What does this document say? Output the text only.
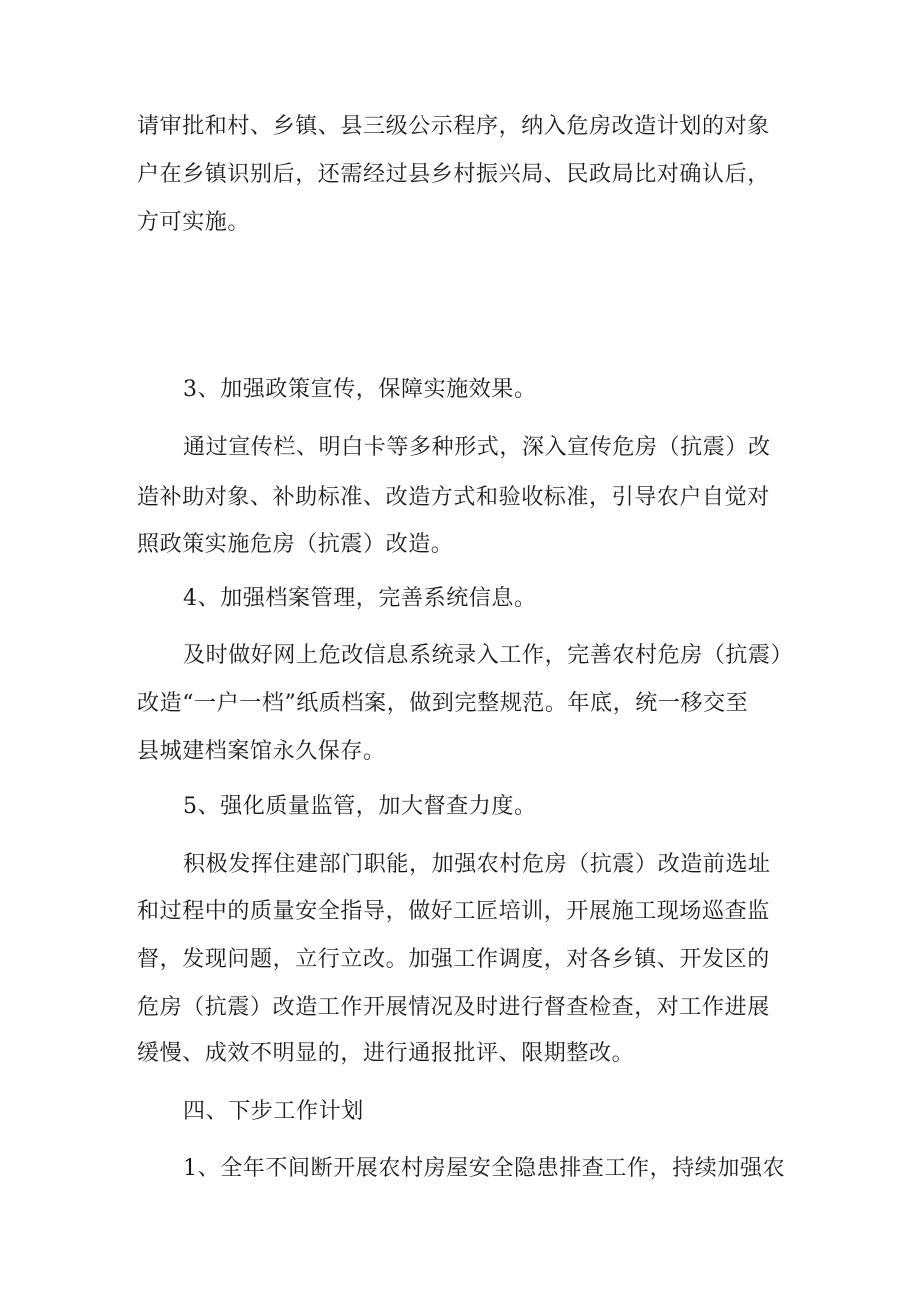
请审批和村、乡镇、县三级公示程序，纳入危房改造计划的对象
户在乡镇识别后，还需经过县乡村振兴局、民政局比对确认后，
方可实施。
3、加强政策宣传，保障实施效果。
通过宣传栏、明白卡等多种形式，深入宣传危房（抗震）改
造补助对象、补助标准、改造方式和验收标准，引导农户自觉对
照政策实施危房（抗震）改造。
4、加强档案管理，完善系统信息。
及时做好网上危改信息系统录入工作，完善农村危房（抗震）
改造“一户一档”纸质档案，做到完整规范。年底，统一移交至
县城建档案馆永久保存。
5、强化质量监管，加大督查力度。
积极发挥住建部门职能，加强农村危房（抗震）改造前选址
和过程中的质量安全指导，做好工匠培训，开展施工现场巡查监
督，发现问题，立行立改。加强工作调度，对各乡镇、开发区的
危房（抗震）改造工作开展情况及时进行督查检查，对工作进展
缓慢、成效不明显的，进行通报批评、限期整改。
四、下步工作计划
1、全年不间断开展农村房屋安全隐患排查工作，持续加强农
